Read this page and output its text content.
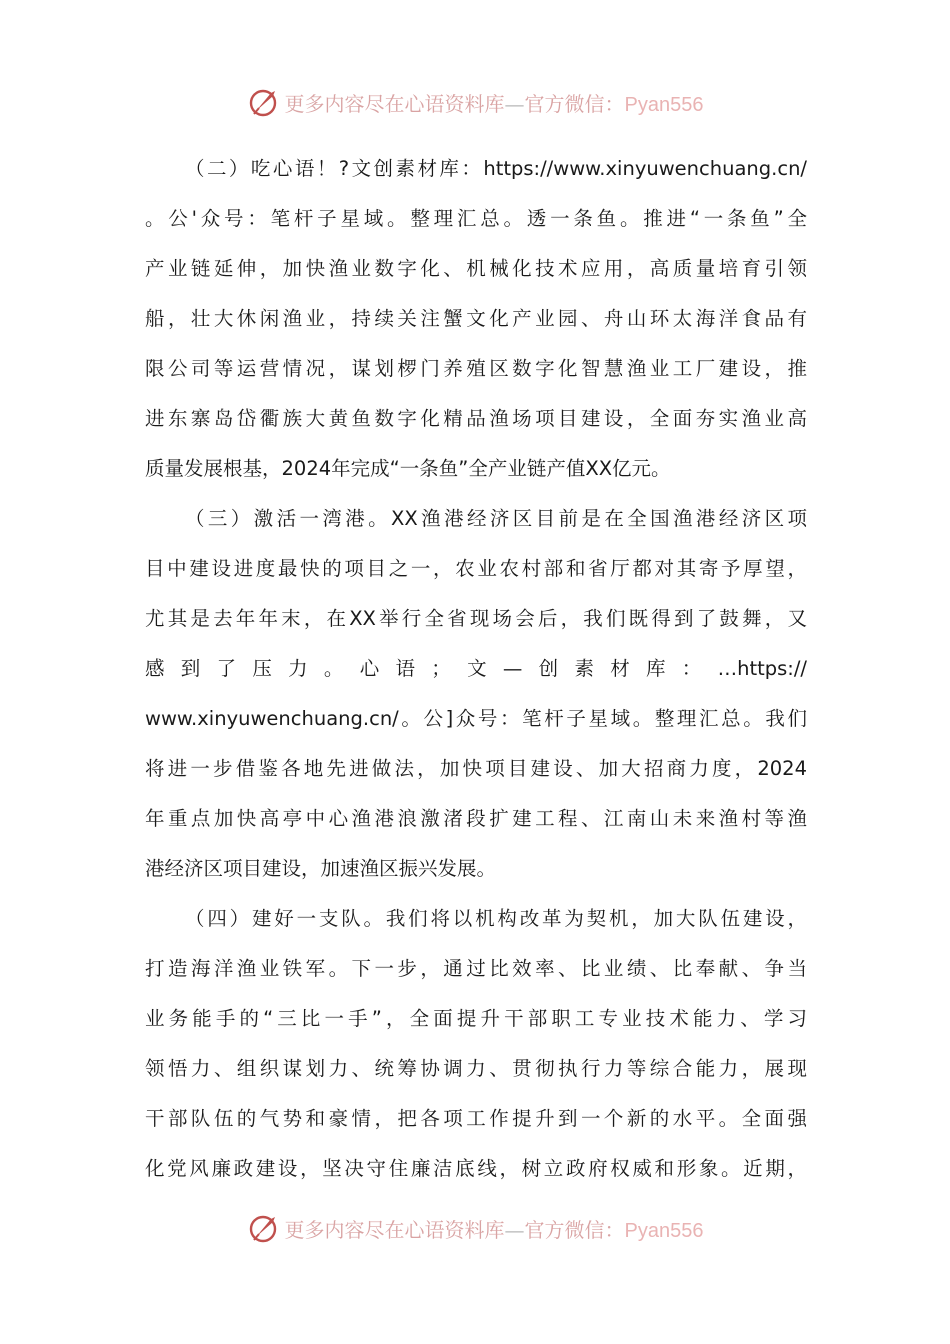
更多内容尽在心语资料库—官方微信：Pyan556
（二）吃心语！?文创素材库：https://www.xinyuwenchuang.cn/
。公'众号：笔杆子星域。整理汇总。透一条鱼。推进“一条鱼”全
产业链延伸，加快渔业数字化、机械化技术应用，高质量培育引领
船，壮大休闲渔业，持续关注蟹文化产业园、舟山环太海洋食品有
限公司等运营情况，谋划椤门养殖区数字化智慧渔业工厂建设，推
进东寨岛岱衢族大黄鱼数字化精品渔场项目建设，全面夯实渔业高
质量发展根基，2024年完成“一条鱼”全产业链产值XX亿元。
（三）激活一湾港。XX渔港经济区目前是在全国渔港经济区项
目中建设进度最快的项目之一，农业农村部和省厅都对其寄予厚望，
尤其是去年年末，在XX举行全省现场会后，我们既得到了鼓舞，又
感到了压力。心语；文—创素材库：…https://
www.xinyuwenchuang.cn/。公]众号：笔杆子星域。整理汇总。我们
将进一步借鉴各地先进做法，加快项目建设、加大招商力度，2024
年重点加快高亭中心渔港浪激渚段扩建工程、江南山未来渔村等渔
港经济区项目建设，加速渔区振兴发展。
（四）建好一支队。我们将以机构改革为契机，加大队伍建设，
打造海洋渔业铁军。下一步，通过比效率、比业绩、比奉献、争当
业务能手的“三比一手”，全面提升干部职工专业技术能力、学习
领悟力、组织谋划力、统筹协调力、贯彻执行力等综合能力，展现
干部队伍的气势和豪情，把各项工作提升到一个新的水平。全面强
化党风廉政建设，坚决守住廉洁底线，树立政府权威和形象。近期，
更多内容尽在心语资料库—官方微信：Pyan556
